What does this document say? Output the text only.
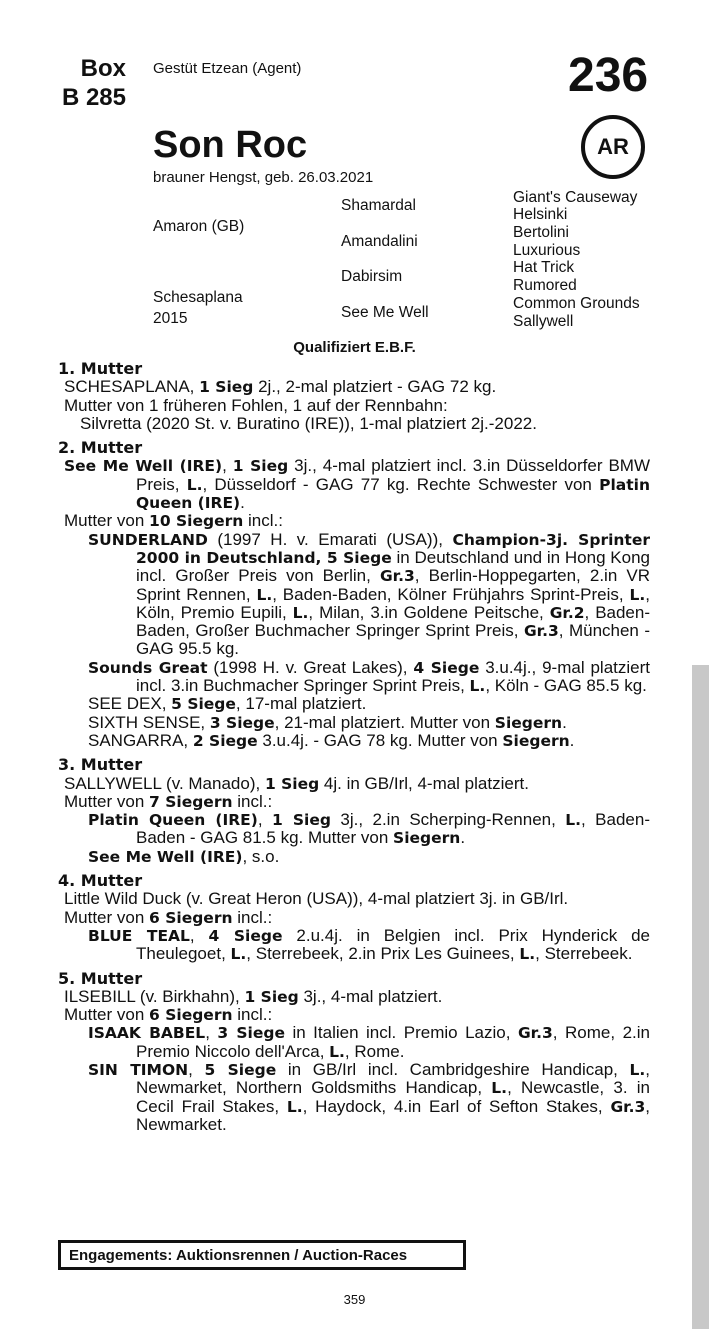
Box
B 285
Gestüt Etzean (Agent)	236
Son Roc	AR
brauner Hengst, geb. 26.03.2021
Amaron (GB)
Schesaplana
2015
Shamardal
Amandalini
Dabirsim
See Me Well
Giant's Causeway
Helsinki
Bertolini
Luxurious
Hat Trick
Rumored
Common Grounds
Sallywell
Qualifiziert E.B.F.
1. Mutter
SCHESAPLANA, 1 Sieg 2j., 2-mal platziert - GAG 72 kg.
Mutter von 1 früheren Fohlen, 1 auf der Rennbahn:
Silvretta (2020 St. v. Buratino (IRE)), 1-mal platziert 2j.-2022.
2. Mutter
See Me Well (IRE), 1 Sieg 3j., 4-mal platziert incl. 3.in Düsseldorfer BMW Preis, L., Düsseldorf - GAG 77 kg. Rechte Schwester von Platin Queen (IRE).
Mutter von 10 Siegern incl.:
SUNDERLAND (1997 H. v. Emarati (USA)), Champion-3j. Sprinter 2000 in Deutschland, 5 Siege in Deutschland und in Hong Kong incl. Großer Preis von Berlin, Gr.3, Berlin-Hoppegarten, 2.in VR Sprint Rennen, L., Baden-Baden, Kölner Frühjahrs Sprint-Preis, L., Köln, Premio Eupili, L., Milan, 3.in Goldene Peitsche, Gr.2, Baden-Baden, Großer Buchmacher Springer Sprint Preis, Gr.3, München - GAG 95.5 kg.
Sounds Great (1998 H. v. Great Lakes), 4 Siege 3.u.4j., 9-mal platziert incl. 3.in Buchmacher Springer Sprint Preis, L., Köln - GAG 85.5 kg.
SEE DEX, 5 Siege, 17-mal platziert.
SIXTH SENSE, 3 Siege, 21-mal platziert. Mutter von Siegern.
SANGARRA, 2 Siege 3.u.4j. - GAG 78 kg. Mutter von Siegern.
3. Mutter
SALLYWELL (v. Manado), 1 Sieg 4j. in GB/Irl, 4-mal platziert.
Mutter von 7 Siegern incl.:
Platin Queen (IRE), 1 Sieg 3j., 2.in Scherping-Rennen, L., Baden-Baden - GAG 81.5 kg. Mutter von Siegern.
See Me Well (IRE), s.o.
4. Mutter
Little Wild Duck (v. Great Heron (USA)), 4-mal platziert 3j. in GB/Irl.
Mutter von 6 Siegern incl.:
BLUE TEAL, 4 Siege 2.u.4j. in Belgien incl. Prix Hynderick de Theulegoet, L., Sterrebeek, 2.in Prix Les Guinees, L., Sterrebeek.
5. Mutter
ILSEBILL (v. Birkhahn), 1 Sieg 3j., 4-mal platziert.
Mutter von 6 Siegern incl.:
ISAAK BABEL, 3 Siege in Italien incl. Premio Lazio, Gr.3, Rome, 2.in Premio Niccolo dell'Arca, L., Rome.
SIN TIMON, 5 Siege in GB/Irl incl. Cambridgeshire Handicap, L., Newmarket, Northern Goldsmiths Handicap, L., Newcastle, 3. in Cecil Frail Stakes, L., Haydock, 4.in Earl of Sefton Stakes, Gr.3, Newmarket.
Engagements: Auktionsrennen / Auction-Races
359
